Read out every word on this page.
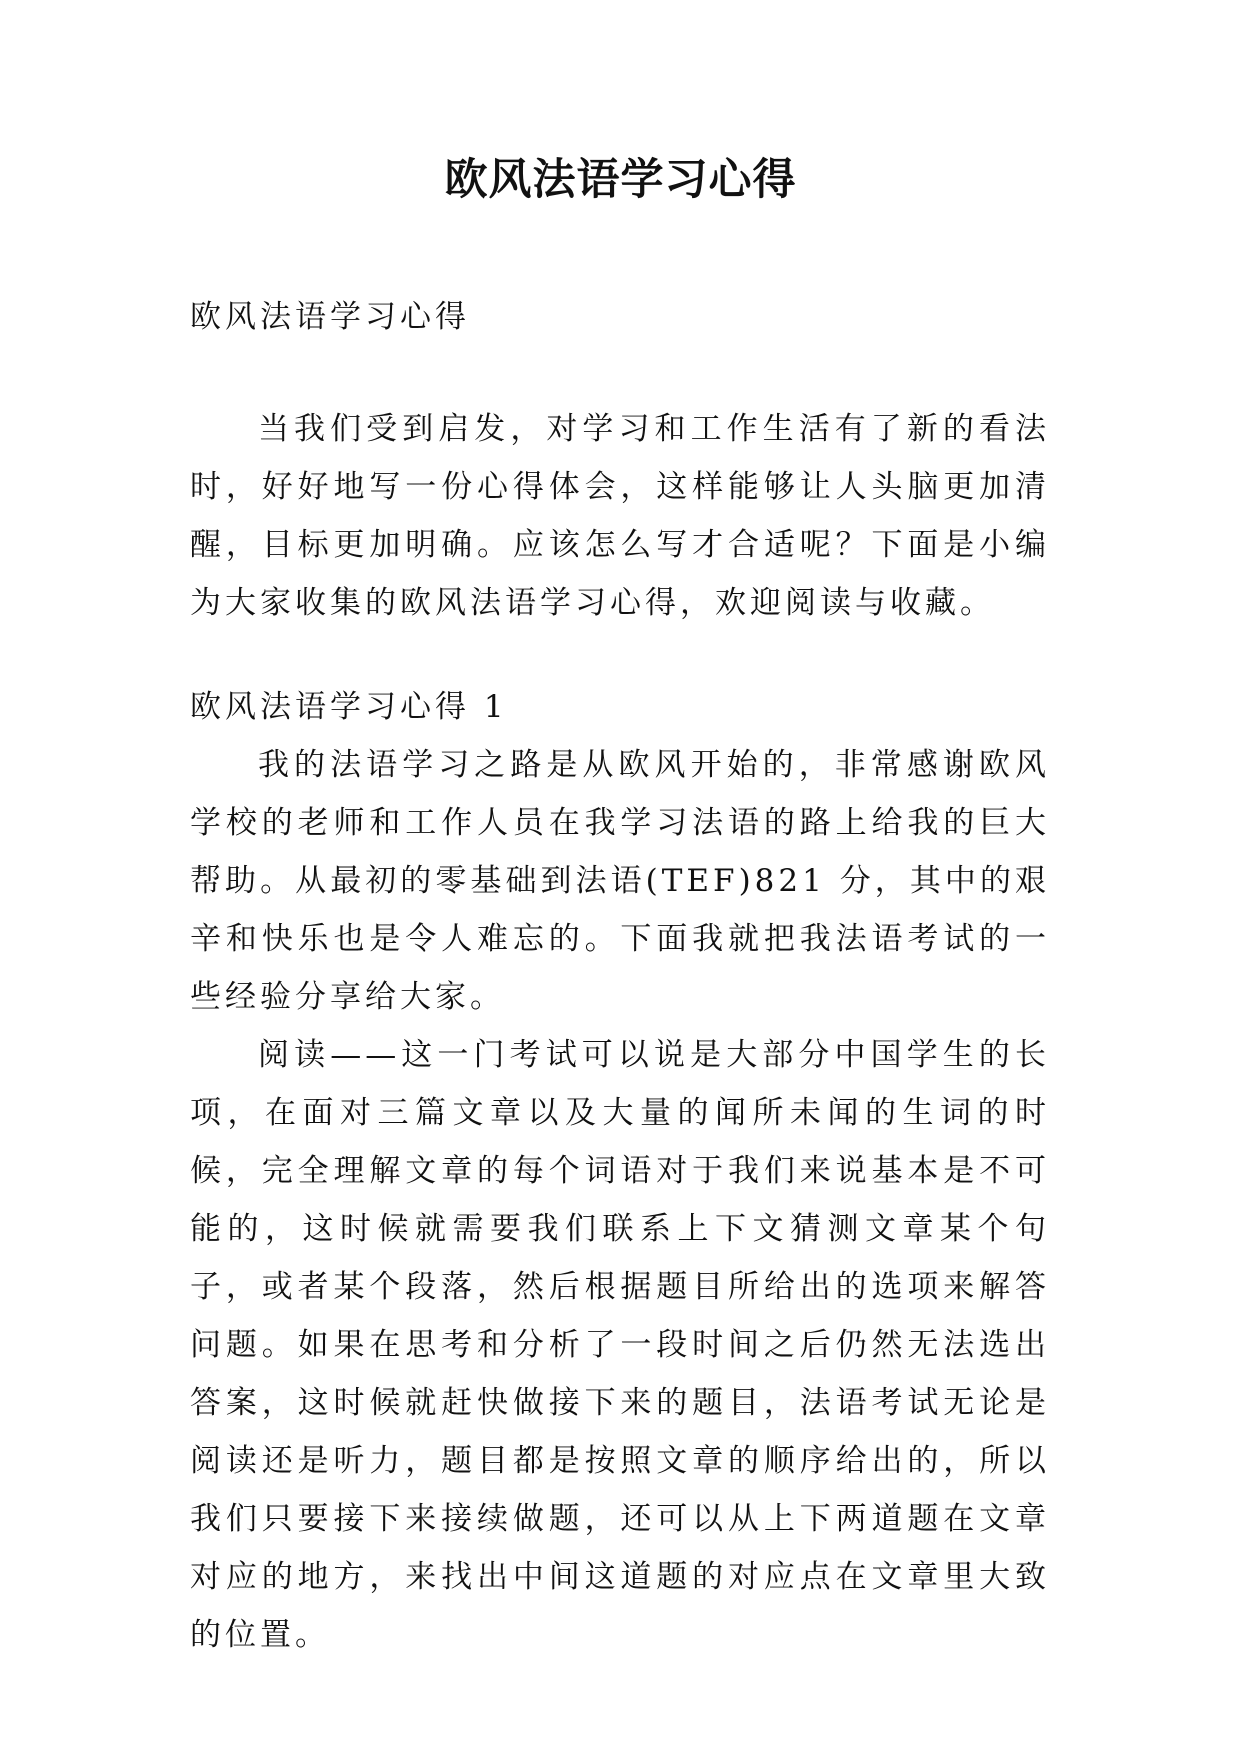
欧风法语学习心得

欧风法语学习心得

当我们受到启发，对学习和工作生活有了新的看法时，好好地写一份心得体会，这样能够让人头脑更加清醒，目标更加明确。应该怎么写才合适呢？下面是小编为大家收集的欧风法语学习心得，欢迎阅读与收藏。

欧风法语学习心得 1

我的法语学习之路是从欧风开始的，非常感谢欧风学校的老师和工作人员在我学习法语的路上给我的巨大帮助。从最初的零基础到法语(TEF)821 分，其中的艰辛和快乐也是令人难忘的。下面我就把我法语考试的一些经验分享给大家。

阅读——这一门考试可以说是大部分中国学生的长项，在面对三篇文章以及大量的闻所未闻的生词的时候，完全理解文章的每个词语对于我们来说基本是不可能的，这时候就需要我们联系上下文猜测文章某个句子，或者某个段落，然后根据题目所给出的选项来解答问题。如果在思考和分析了一段时间之后仍然无法选出答案，这时候就赶快做接下来的题目，法语考试无论是阅读还是听力，题目都是按照文章的顺序给出的，所以我们只要接下来接续做题，还可以从上下两道题在文章对应的地方，来找出中间这道题的对应点在文章里大致的位置。
